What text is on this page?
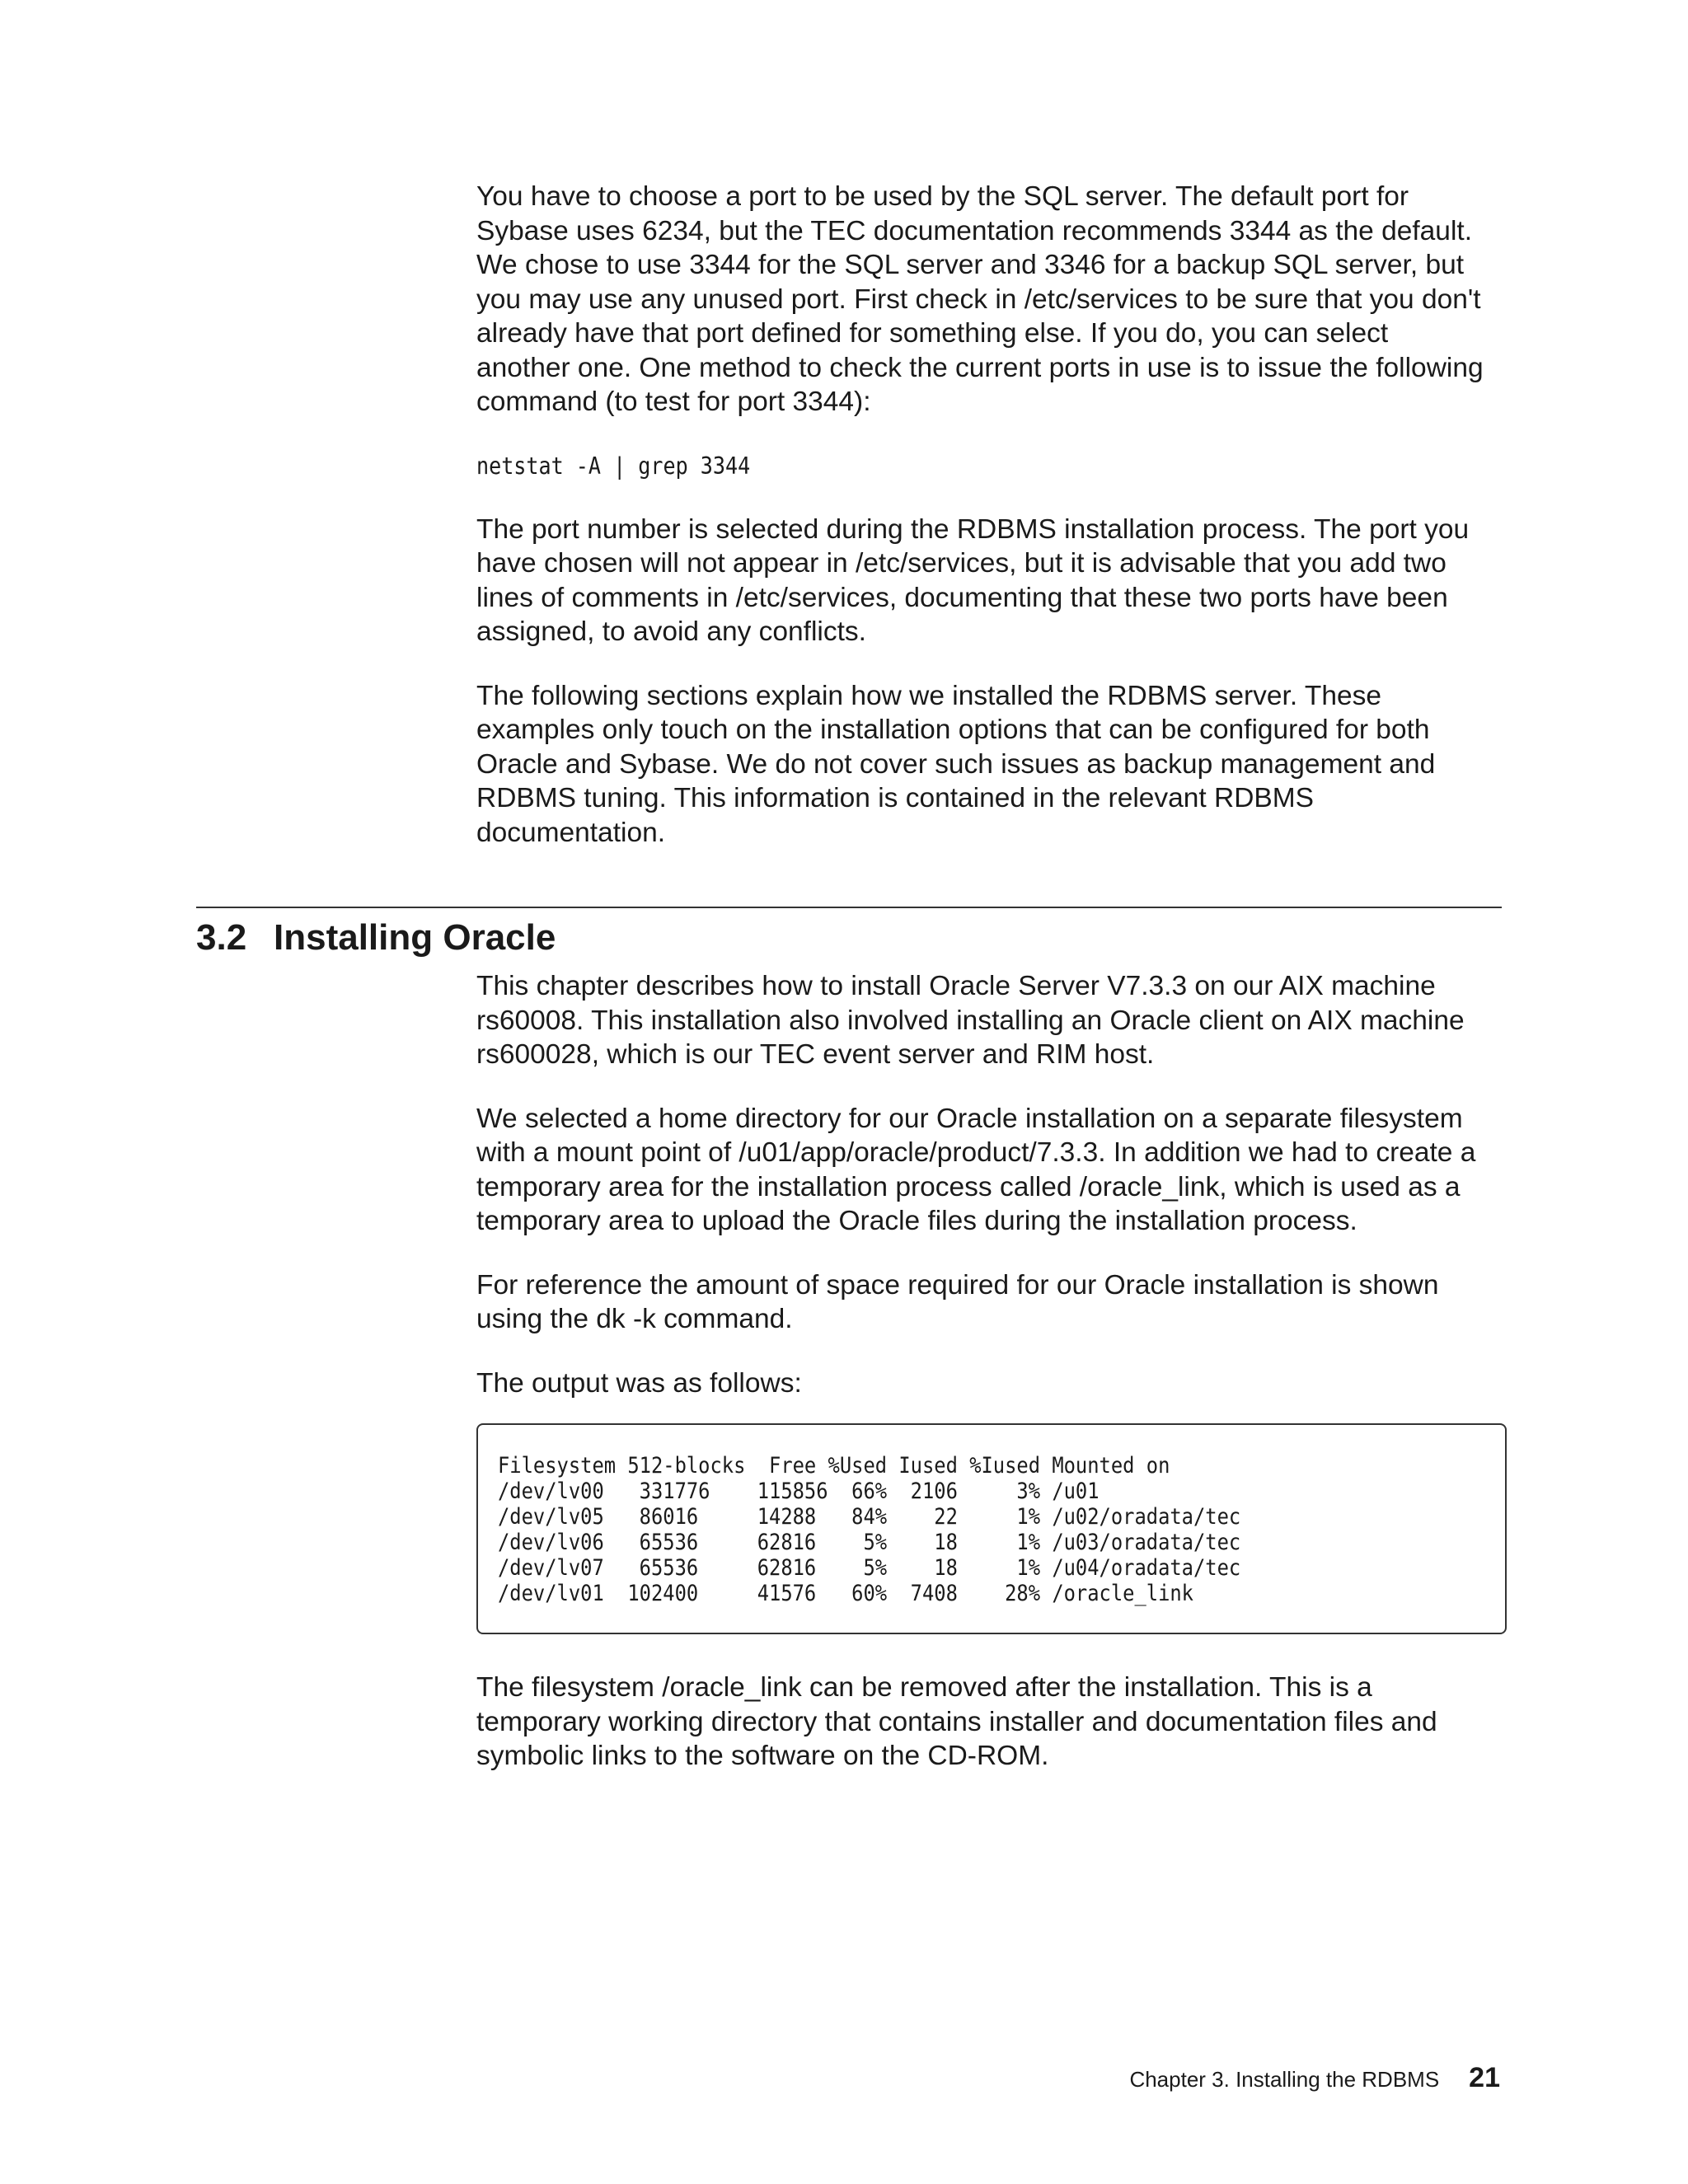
You have to choose a port to be used by the SQL server. The default port for
Sybase uses 6234, but the TEC documentation recommends 3344 as the default.
We chose to use 3344 for the SQL server and 3346 for a backup SQL server, but
you may use any unused port. First check in /etc/services to be sure that you don't
already have that port defined for something else. If you do, you can select
another one. One method to check the current ports in use is to issue the following
command (to test for port 3344):

netstat -A | grep 3344

The port number is selected during the RDBMS installation process. The port you
have chosen will not appear in /etc/services, but it is advisable that you add two
lines of comments in /etc/services, documenting that these two ports have been
assigned, to avoid any conflicts.

The following sections explain how we installed the RDBMS server. These
examples only touch on the installation options that can be configured for both
Oracle and Sybase. We do not cover such issues as backup management and
RDBMS tuning. This information is contained in the relevant RDBMS
documentation.

3.2 Installing Oracle

This chapter describes how to install Oracle Server V7.3.3 on our AIX machine
rs60008. This installation also involved installing an Oracle client on AIX machine
rs600028, which is our TEC event server and RIM host.

We selected a home directory for our Oracle installation on a separate filesystem
with a mount point of /u01/app/oracle/product/7.3.3. In addition we had to create a
temporary area for the installation process called /oracle_link, which is used as a
temporary area to upload the Oracle files during the installation process.

For reference the amount of space required for our Oracle installation is shown
using the dk -k command.

The output was as follows:

Filesystem 512-blocks  Free %Used Iused %Iused Mounted on
/dev/lv00   331776    115856  66%  2106     3% /u01
/dev/lv05   86016     14288   84%    22     1% /u02/oradata/tec
/dev/lv06   65536     62816    5%    18     1% /u03/oradata/tec
/dev/lv07   65536     62816    5%    18     1% /u04/oradata/tec
/dev/lv01  102400     41576   60%  7408    28% /oracle_link

The filesystem /oracle_link can be removed after the installation. This is a
temporary working directory that contains installer and documentation files and
symbolic links to the software on the CD-ROM.

Chapter 3. Installing the RDBMS 21
